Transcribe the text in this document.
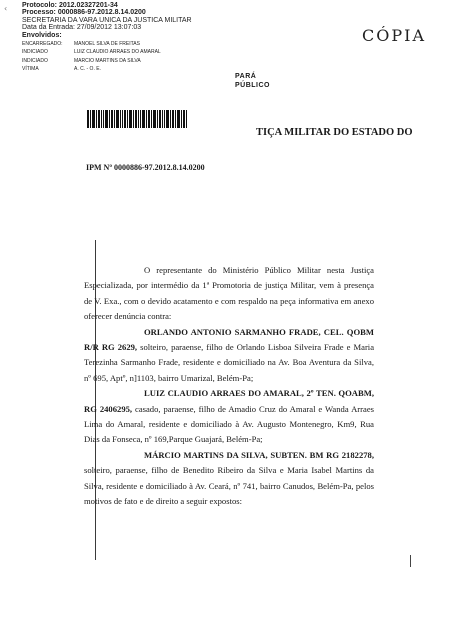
‹ Protocolo: 2012.02327201-34
Processo: 0000886-97.2012.8.14.0200
SECRETARIA DA VARA UNICA DA JUSTICA MILITAR
Data da Entrada: 27/09/2012 13:07:03
Envolvidos:
ENCARREGADO:	MANOEL SILVA DE FREITAS
INDICIADO	LUIZ CLAUDIO ARRAES DO AMARAL
INDICIADO	MARCIO MARTINS DA SILVA
VÍTIMA	A. C. - O. E.
CÓPIA
PARÁ
PÚBLICO
TIÇA MILITAR DO ESTADO DO
IPM Nº 0000886-97.2012.8.14.0200

O representante do Ministério Público Militar nesta Justiça Especializada, por intermédio da 1ª Promotoria de justiça Militar, vem à presença de V. Exa., com o devido acatamento e com respaldo na peça informativa em anexo oferecer denúncia contra:

ORLANDO ANTONIO SARMANHO FRADE, CEL. QOBM R/R RG 2629, solteiro, paraense, filho de Orlando Lisboa Silveira Frade e Maria Terezinha Sarmanho Frade, residente e domiciliado na Av. Boa Aventura da Silva, nº 695, Aptº, n]1103, bairro Umarizal, Belém-Pa;

LUIZ CLAUDIO ARRAES DO AMARAL, 2º TEN. QOABM, RG 2406295, casado, paraense, filho de Amadio Cruz do Amaral e Wanda Arraes Lima do Amaral, residente e domiciliado à Av. Augusto Montenegro, Km9, Rua Dias da Fonseca, nº 169,Parque Guajará, Belém-Pa;

MÁRCIO MARTINS DA SILVA, SUBTEN. BM RG 2182278, solteiro, paraense, filho de Benedito Ribeiro da Silva e Maria Isabel Martins da Silva, residente e domiciliado à Av. Ceará, nº 741, bairro Canudos, Belém-Pa, pelos motivos de fato e de direito a seguir expostos:
